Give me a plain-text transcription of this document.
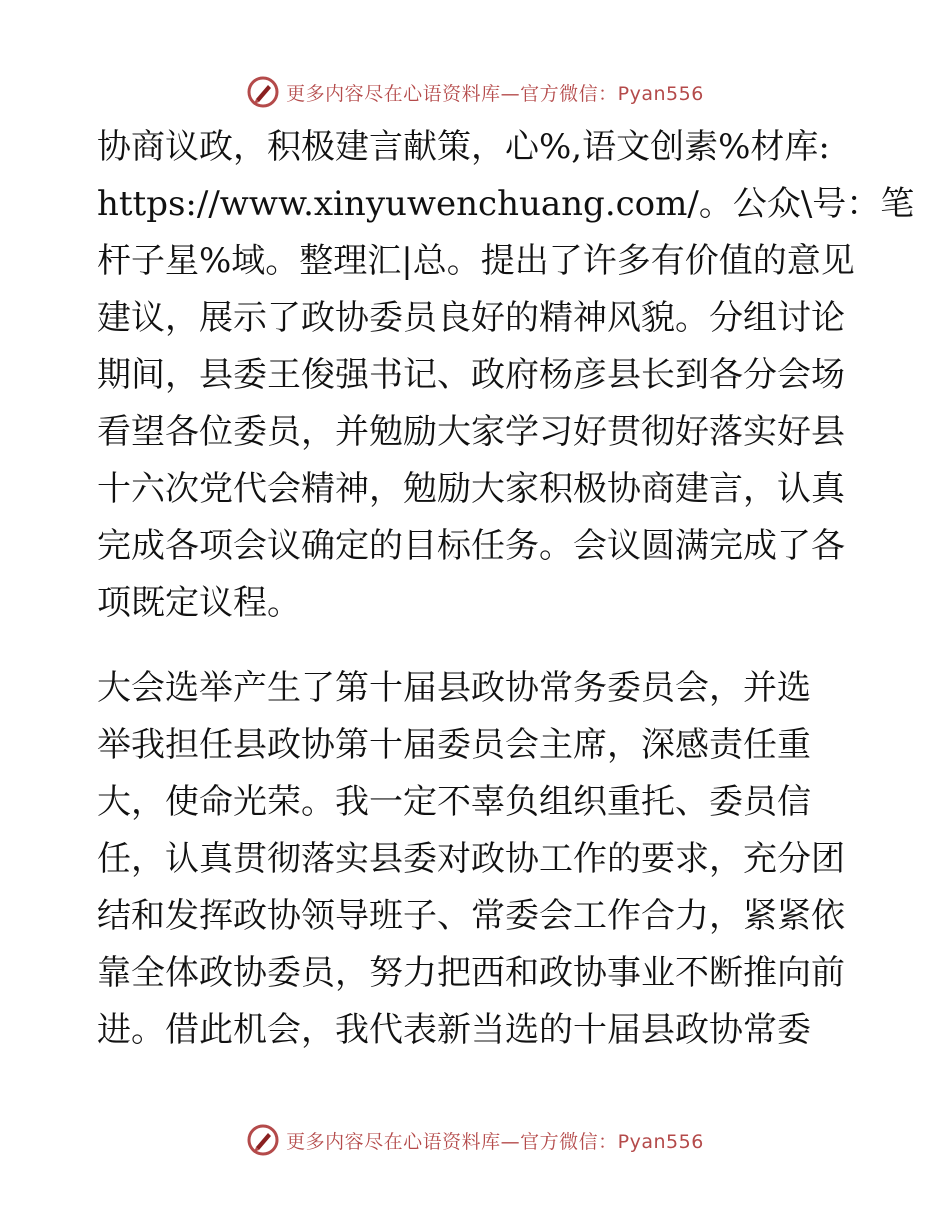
更多内容尽在心语资料库—官方微信：Pyan556
协商议政，积极建言献策，心%,语文创素%材库:
https://www.xinyuwenchuang.com/。公众\号：笔
杆子星%域。整理汇|总。提出了许多有价值的意见
建议，展示了政协委员良好的精神风貌。分组讨论
期间，县委王俊强书记、政府杨彦县长到各分会场
看望各位委员，并勉励大家学习好贯彻好落实好县
十六次党代会精神，勉励大家积极协商建言，认真
完成各项会议确定的目标任务。会议圆满完成了各
项既定议程。
大会选举产生了第十届县政协常务委员会，并选
举我担任县政协第十届委员会主席，深感责任重
大，使命光荣。我一定不辜负组织重托、委员信
任，认真贯彻落实县委对政协工作的要求，充分团
结和发挥政协领导班子、常委会工作合力，紧紧依
靠全体政协委员，努力把西和政协事业不断推向前
进。借此机会，我代表新当选的十届县政协常委
更多内容尽在心语资料库—官方微信：Pyan556
